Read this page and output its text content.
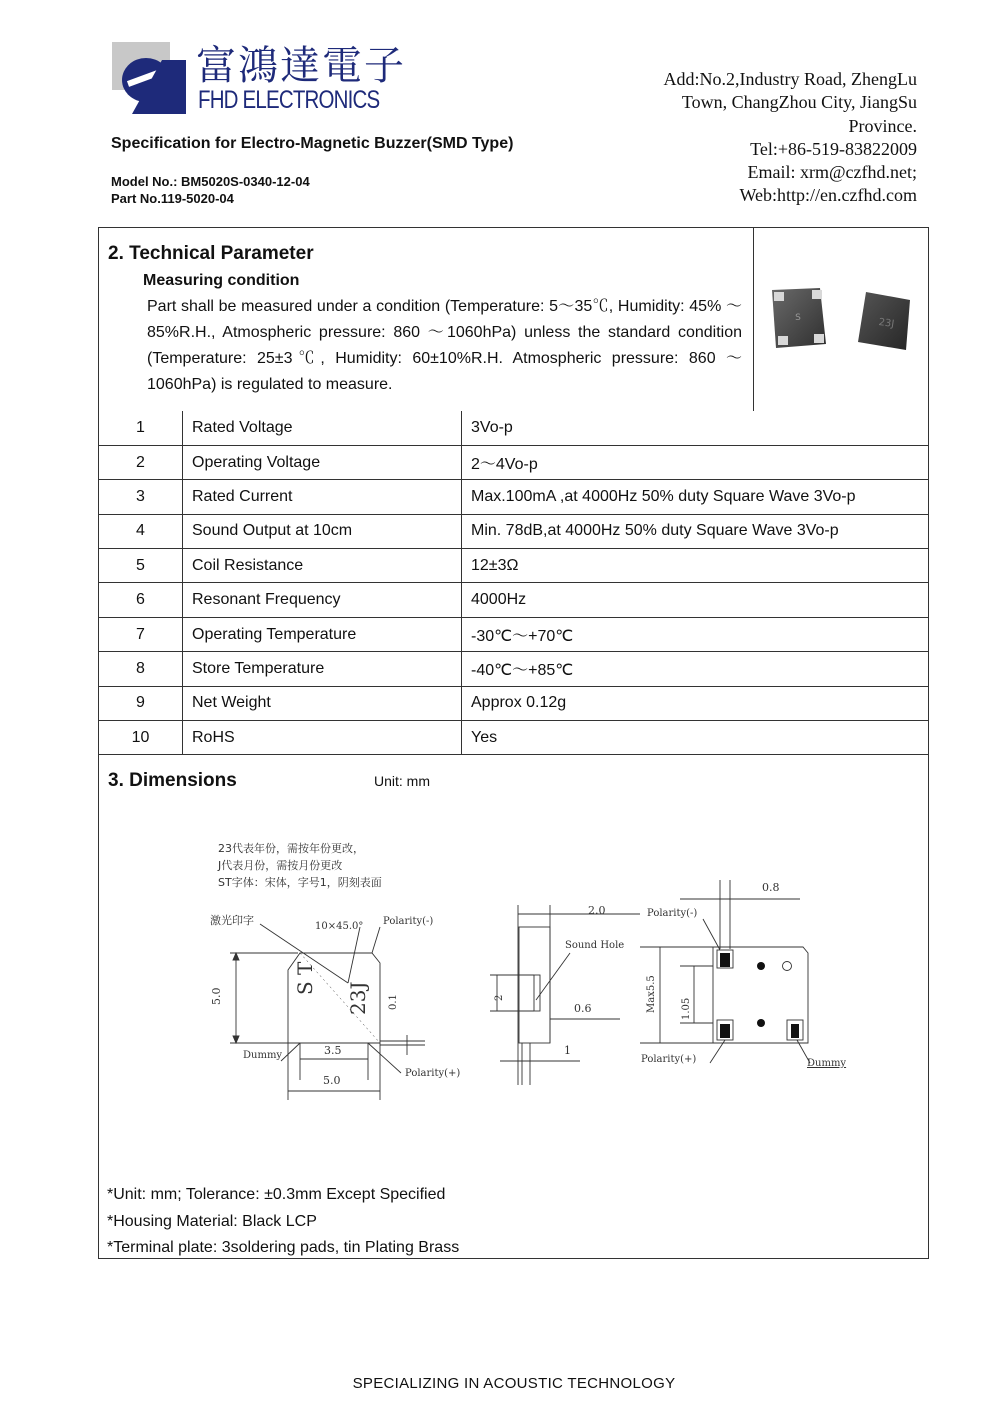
富鴻達電子
FHD ELECTRONICS
Specification for Electro-Magnetic Buzzer(SMD Type)
Model No.: BM5020S-0340-12-04
Part No.119-5020-04
Add:No.2,Industry Road, ZhengLu
Town, ChangZhou City, JiangSu
Province.
Tel:+86-519-83822009
Email: xrm@czfhd.net;
Web:http://en.czfhd.com
2. Technical Parameter
Measuring condition
Part shall be measured under a condition (Temperature: 5～35℃, Humidity: 45% ～ 85%R.H., Atmospheric pressure: 860 ～1060hPa) unless the standard condition (Temperature: 25±3℃, Humidity: 60±10%R.H. Atmospheric pressure: 860 ～1060hPa) is regulated to measure.
S	23J
1	Rated Voltage	3Vo-p
2	Operating Voltage	2～4Vo-p
3	Rated Current	Max.100mA ,at 4000Hz 50% duty Square Wave 3Vo-p
4	Sound Output at 10cm	Min. 78dB,at 4000Hz 50% duty Square Wave 3Vo-p
5	Coil Resistance	12±3Ω
6	Resonant Frequency	4000Hz
7	Operating Temperature	-30℃～+70℃
8	Store Temperature	-40℃～+85℃
9	Net Weight	Approx 0.12g
10	RoHS	Yes
3. Dimensions	Unit: mm
23代表年份，需按年份更改，
J代表月份，需按月份更改
ST字体：宋体，字号1，阴刻表面
激光印字	10×45.0° Polarity(-)
Dummy
Polarity(+)
3.5
5.0
5.0	0.1
S T
23J
2.0
Sound Hole
2
0.6
1
0.8
Polarity(-)
Max5.5 1.05
Polarity(+)	Dummy
*Unit: mm; Tolerance: ±0.3mm Except Specified
*Housing Material: Black LCP
*Terminal plate: 3soldering pads, tin Plating Brass
SPECIALIZING IN ACOUSTIC TECHNOLOGY
